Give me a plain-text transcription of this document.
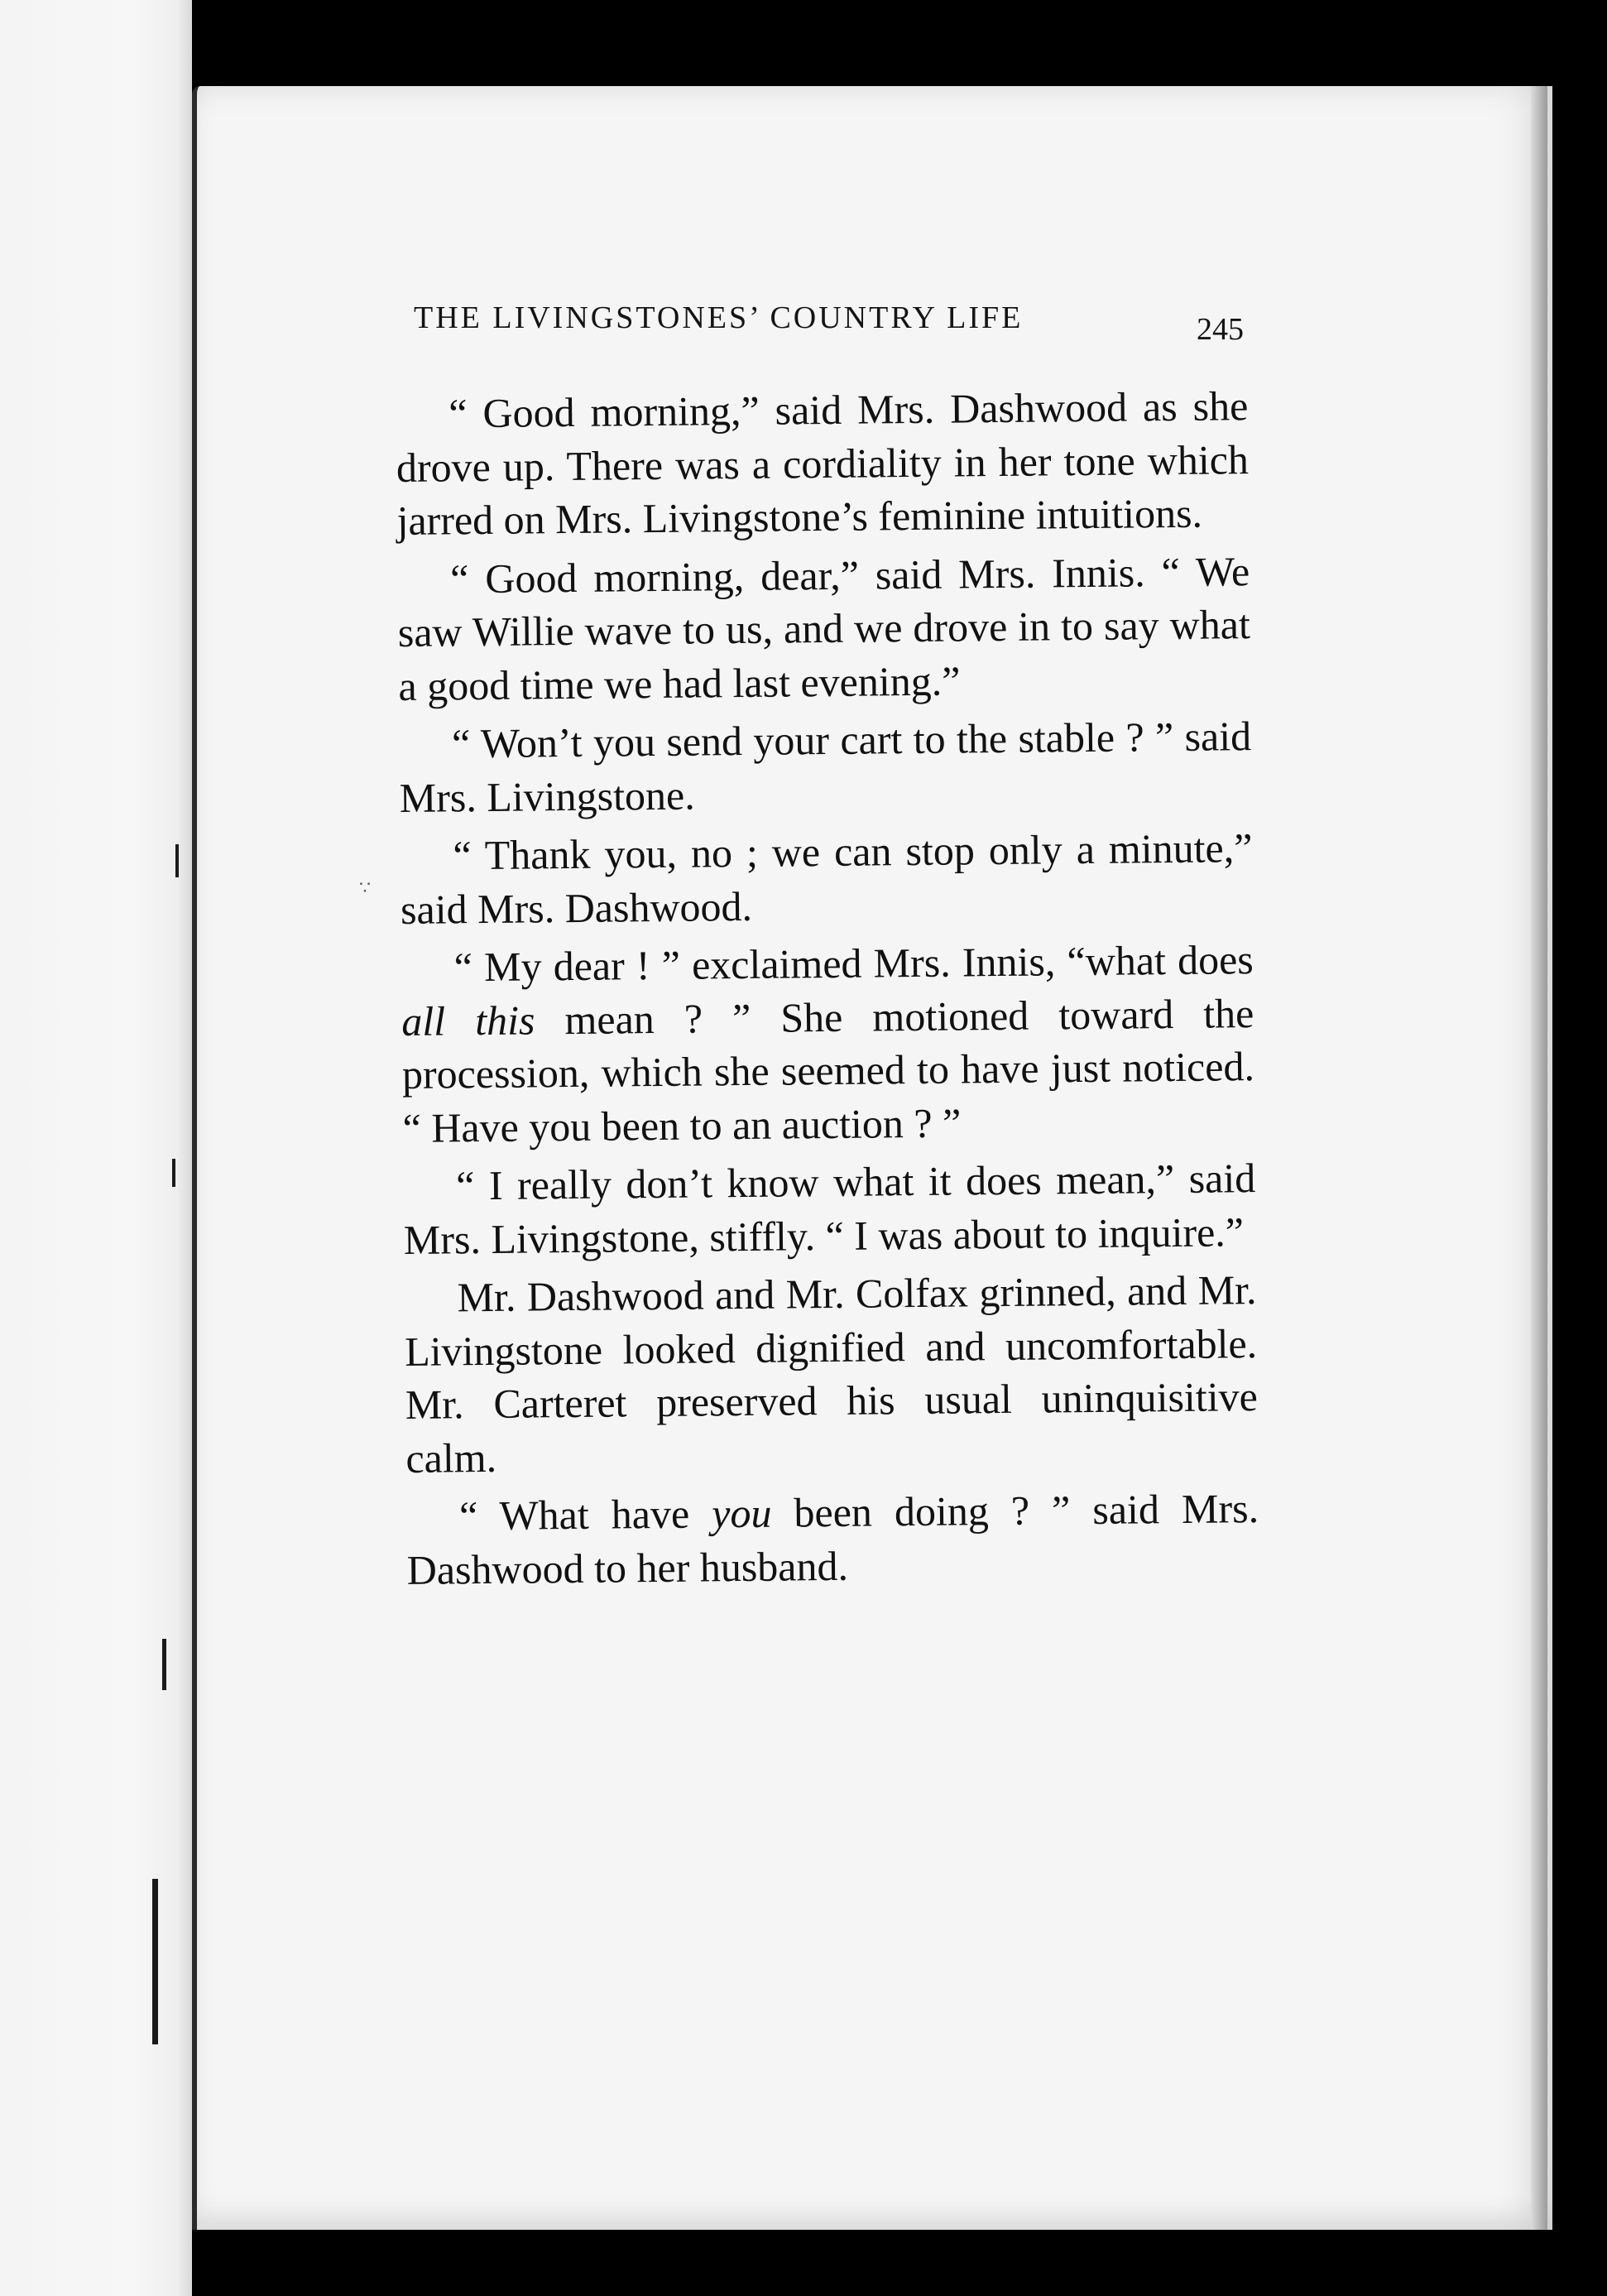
∵
THE LIVINGSTONES’ COUNTRY LIFE	245

“ Good morning,” said Mrs. Dashwood as she drove up. There was a cordiality in her tone which jarred on Mrs. Livingstone’s feminine intuitions.

“ Good morning, dear,” said Mrs. Innis. “ We saw Willie wave to us, and we drove in to say what a good time we had last evening.”

“ Won’t you send your cart to the stable ? ” said Mrs. Livingstone.

“ Thank you, no ; we can stop only a minute,” said Mrs. Dashwood.

“ My dear ! ” exclaimed Mrs. Innis, “what does all this mean ? ” She motioned toward the procession, which she seemed to have just noticed. “ Have you been to an auction ? ”

“ I really don’t know what it does mean,” said Mrs. Livingstone, stiffly. “ I was about to inquire.”

Mr. Dashwood and Mr. Colfax grinned, and Mr. Livingstone looked dignified and uncomfortable. Mr. Carteret preserved his usual uninquisitive calm.

“ What have you been doing ? ” said Mrs. Dashwood to her husband.
